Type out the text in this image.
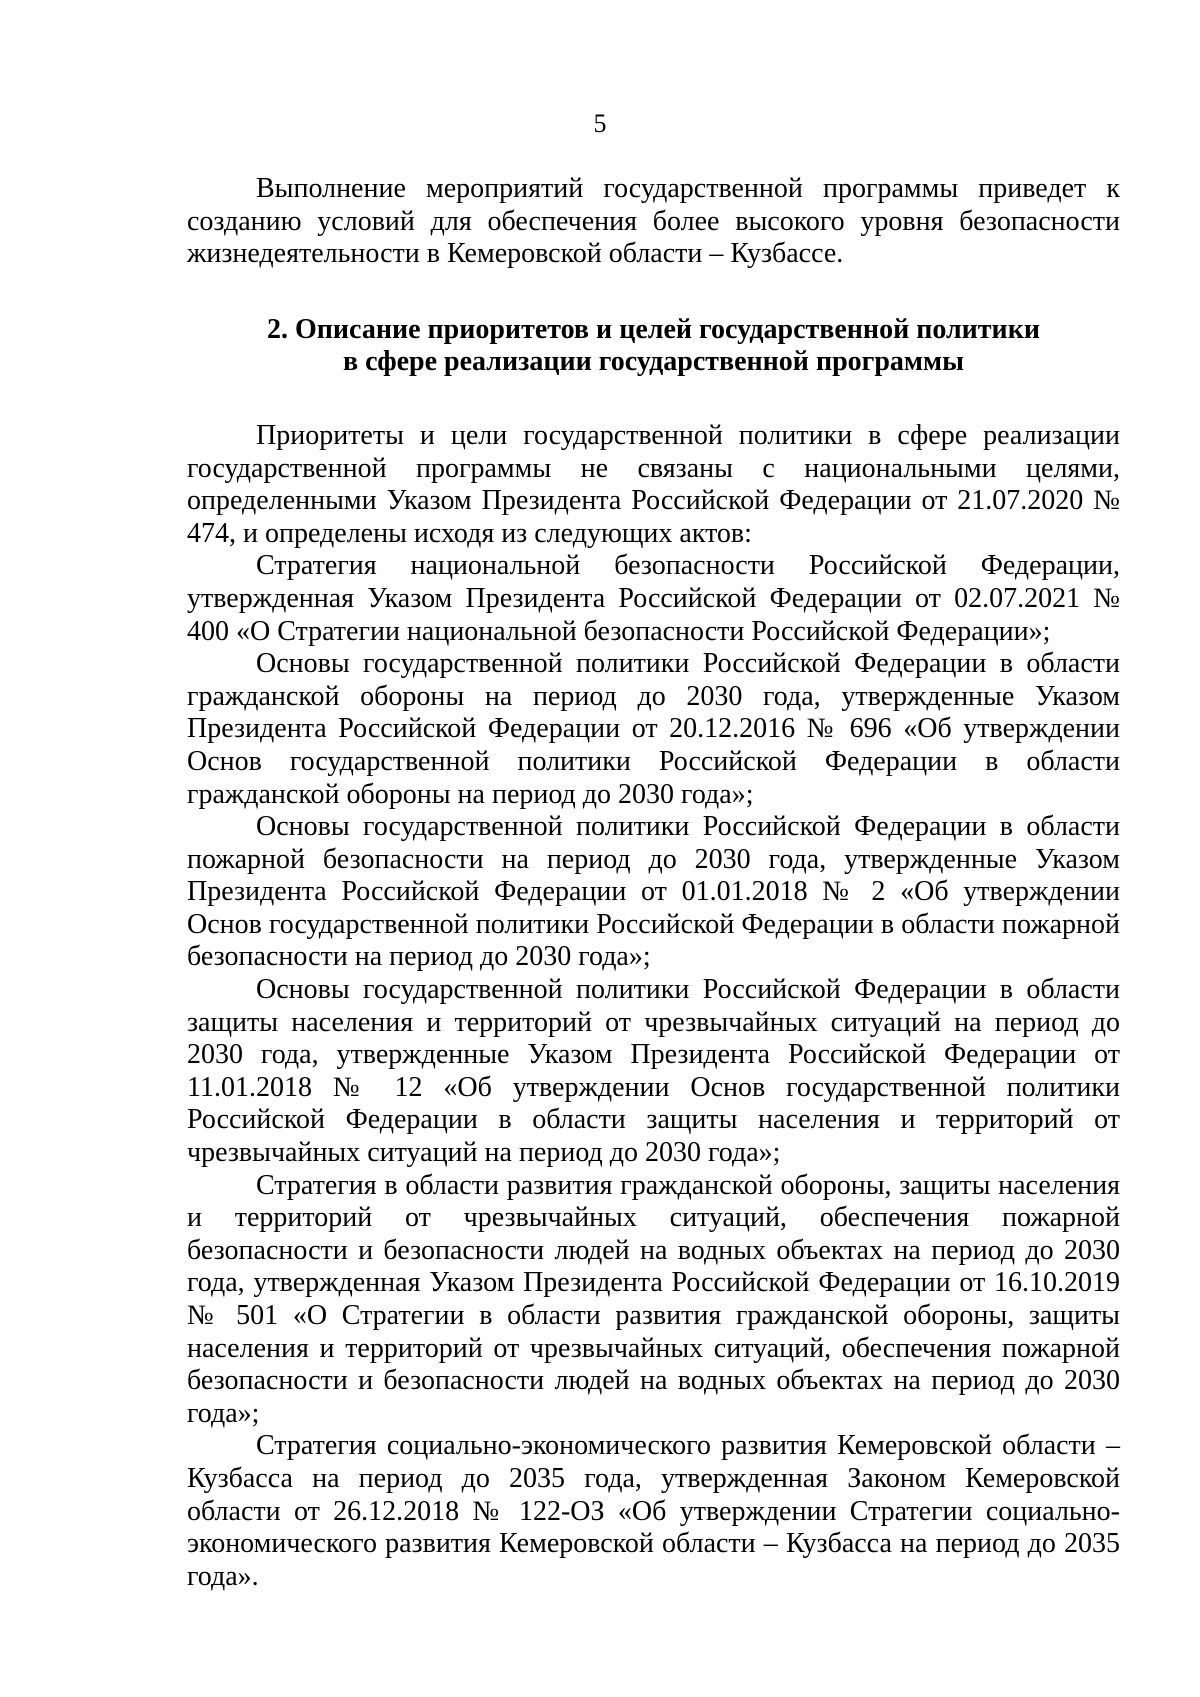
5

Выполнение мероприятий государственной программы приведет к созданию условий для обеспечения более высокого уровня безопасности жизнедеятельности в Кемеровской области – Кузбассе.

2. Описание приоритетов и целей государственной политики
в сфере реализации государственной программы

Приоритеты и цели государственной политики в сфере реализации государственной программы не связаны с национальными целями, определенными Указом Президента Российской Федерации от 21.07.2020 № 474, и определены исходя из следующих актов:

Стратегия национальной безопасности Российской Федерации, утвержденная Указом Президента Российской Федерации от 02.07.2021 № 400 «О Стратегии национальной безопасности Российской Федерации»;

Основы государственной политики Российской Федерации в области гражданской обороны на период до 2030 года, утвержденные Указом Президента Российской Федерации от 20.12.2016 № 696 «Об утверждении Основ государственной политики Российской Федерации в области гражданской обороны на период до 2030 года»;

Основы государственной политики Российской Федерации в области пожарной безопасности на период до 2030 года, утвержденные Указом Президента Российской Федерации от 01.01.2018 № 2 «Об утверждении Основ государственной политики Российской Федерации в области пожарной безопасности на период до 2030 года»;

Основы государственной политики Российской Федерации в области защиты населения и территорий от чрезвычайных ситуаций на период до 2030 года, утвержденные Указом Президента Российской Федерации от 11.01.2018 № 12 «Об утверждении Основ государственной политики Российской Федерации в области защиты населения и территорий от чрезвычайных ситуаций на период до 2030 года»;

Стратегия в области развития гражданской обороны, защиты населения и территорий от чрезвычайных ситуаций, обеспечения пожарной безопасности и безопасности людей на водных объектах на период до 2030 года, утвержденная Указом Президента Российской Федерации от 16.10.2019 № 501 «О Стратегии в области развития гражданской обороны, защиты населения и территорий от чрезвычайных ситуаций, обеспечения пожарной безопасности и безопасности людей на водных объектах на период до 2030 года»;

Стратегия социально-экономического развития Кемеровской области – Кузбасса на период до 2035 года, утвержденная Законом Кемеровской области от 26.12.2018 № 122-ОЗ «Об утверждении Стратегии социально-экономического развития Кемеровской области – Кузбасса на период до 2035 года».
